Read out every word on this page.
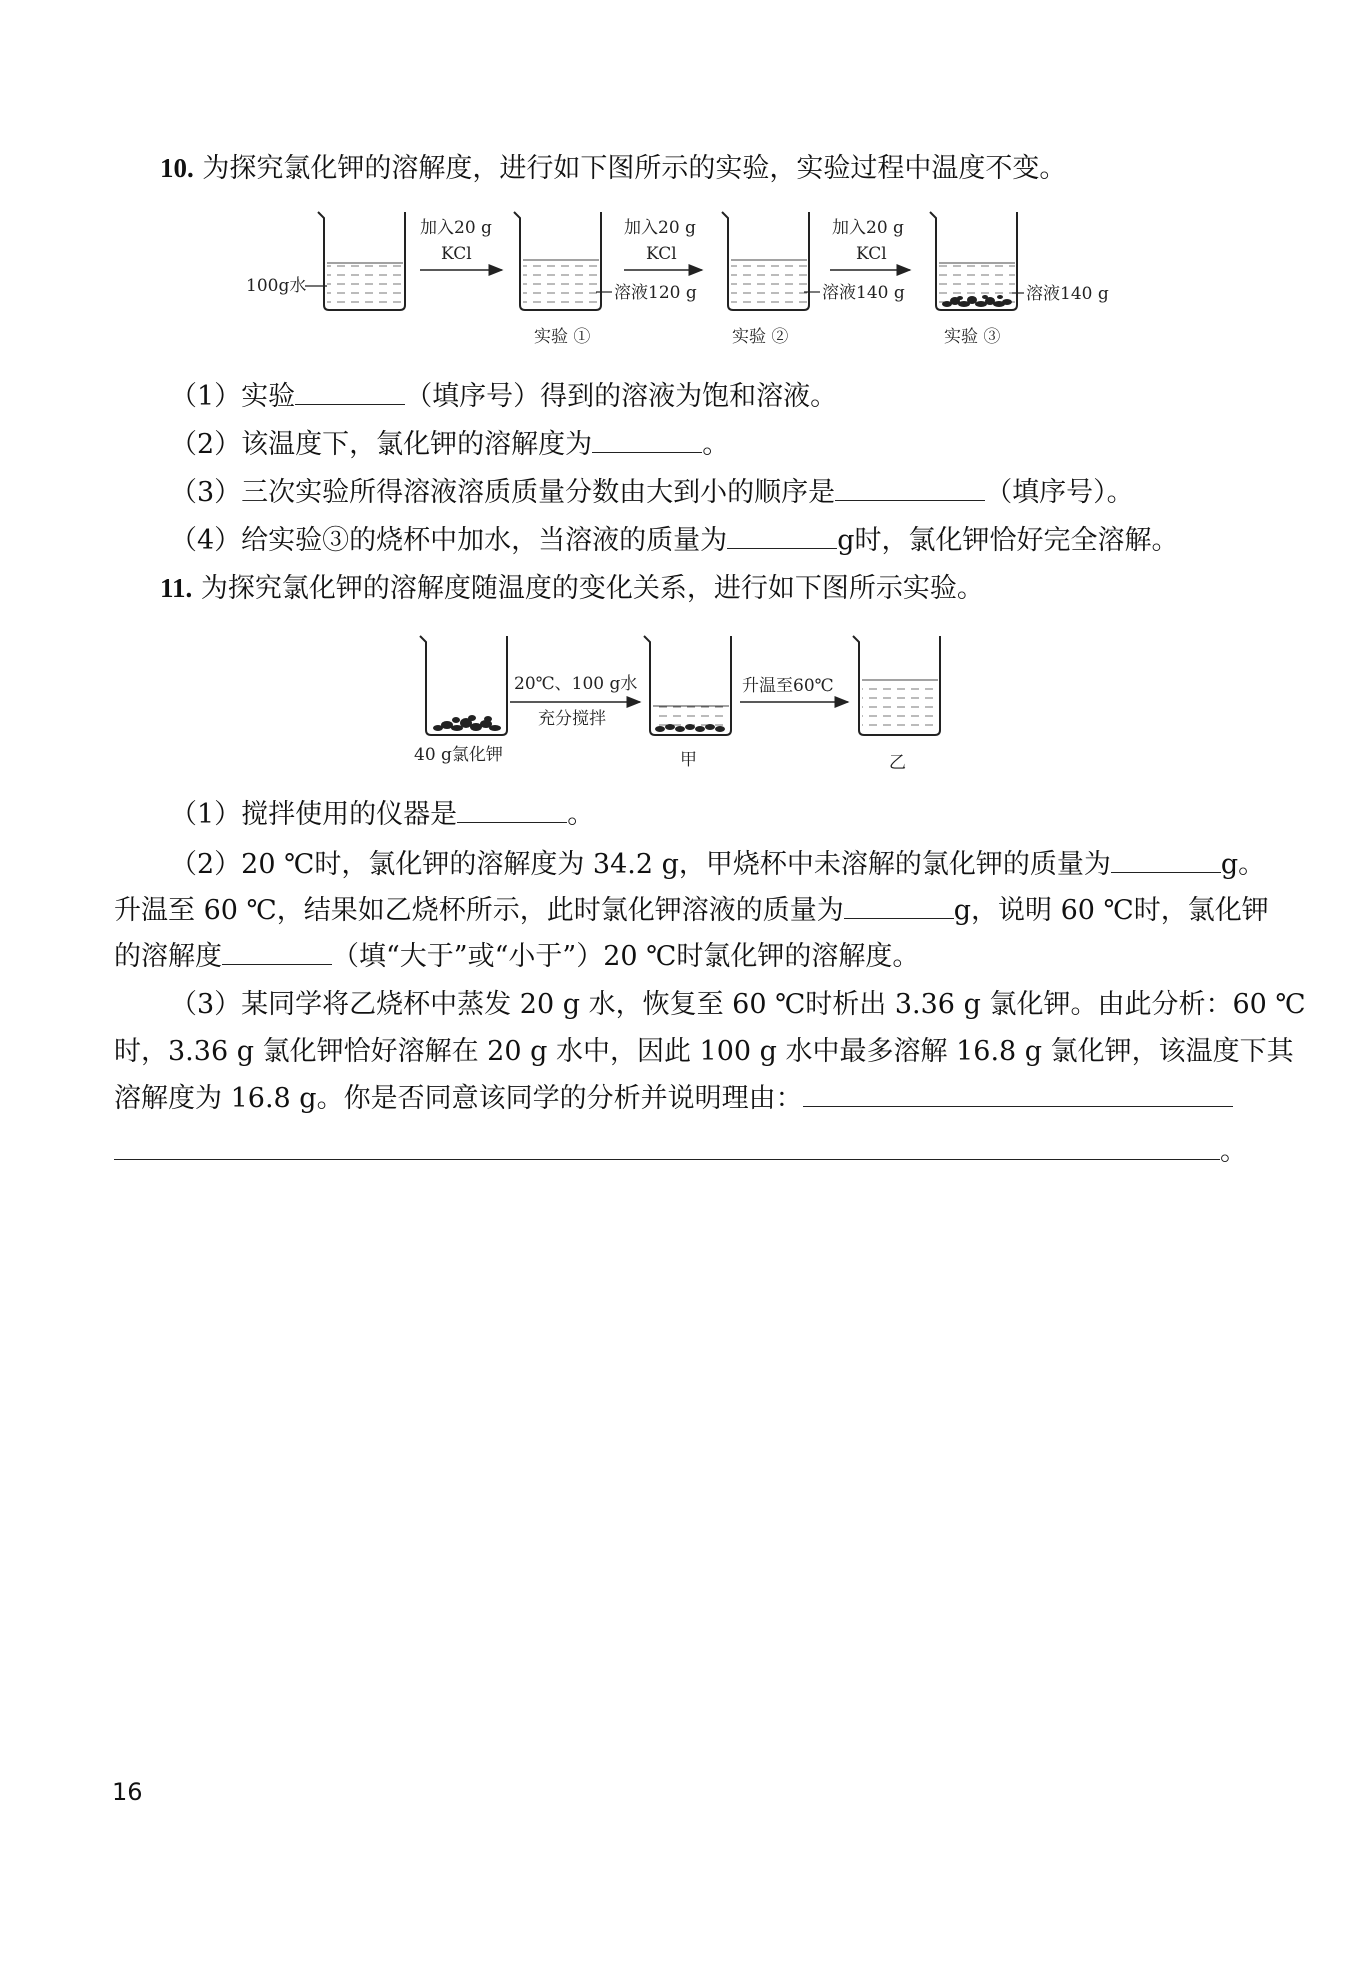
10. 为探究氯化钾的溶解度，进行如下图所示的实验，实验过程中温度不变。
100g水
加入20 g
KCl
加入20 g
KCl
加入20 g
KCl
溶液120 g	溶液140 g	溶液140 g
实验 ①	实验 ②	实验 ③
（1）实验	（填序号）得到的溶液为饱和溶液。
（2）该温度下，氯化钾的溶解度为	。
（3）三次实验所得溶液溶质质量分数由大到小的顺序是	（填序号）。
（4）给实验③的烧杯中加水，当溶液的质量为	g时，氯化钾恰好完全溶解。
11. 为探究氯化钾的溶解度随温度的变化关系，进行如下图所示实验。
40 g氯化钾
20℃、100 g水
充分搅拌
升温至60℃
甲	乙
（1）搅拌使用的仪器是	。
（2）20 ℃时，氯化钾的溶解度为 34.2 g，甲烧杯中未溶解的氯化钾的质量为	g。
升温至 60 ℃，结果如乙烧杯所示，此时氯化钾溶液的质量为	g，说明 60 ℃时，氯化钾
的溶解度	（填“大于”或“小于”）20 ℃时氯化钾的溶解度。
（3）某同学将乙烧杯中蒸发 20 g 水，恢复至 60 ℃时析出 3.36 g 氯化钾。由此分析：60 ℃
时，3.36 g 氯化钾恰好溶解在 20 g 水中，因此 100 g 水中最多溶解 16.8 g 氯化钾，该温度下其
溶解度为 16.8 g。你是否同意该同学的分析并说明理由：
。
16
